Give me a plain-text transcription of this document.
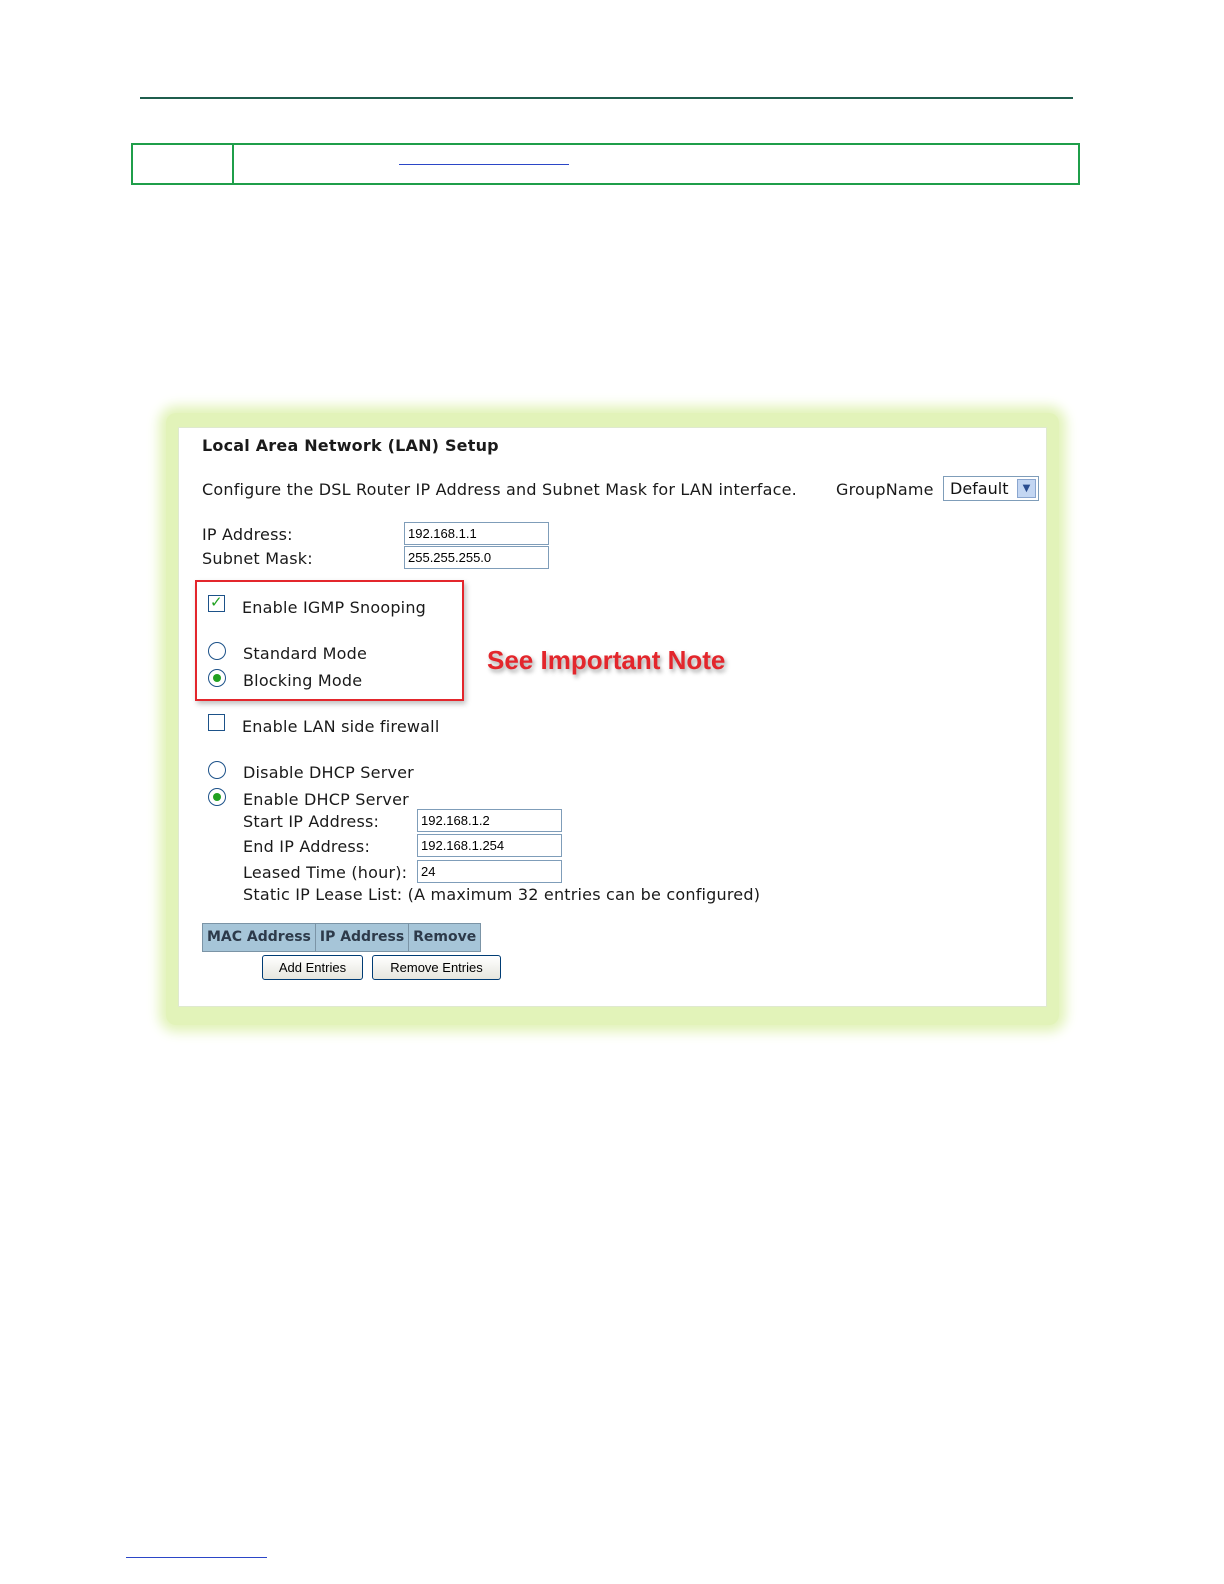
Local Area Network (LAN) Setup
Configure the DSL Router IP Address and Subnet Mask for LAN interface. GroupName Default	▼
IP Address:	192.168.1.1
Subnet Mask:	255.255.255.0
✓ Enable IGMP Snooping
Standard Mode
Blocking Mode
See Important Note
Enable LAN side firewall
Disable DHCP Server
Enable DHCP Server
Start IP Address:	192.168.1.2
End IP Address:	192.168.1.254
Leased Time (hour):	24
Static IP Lease List: (A maximum 32 entries can be configured)
MAC Address	IP Address	Remove
Add Entries	Remove Entries
